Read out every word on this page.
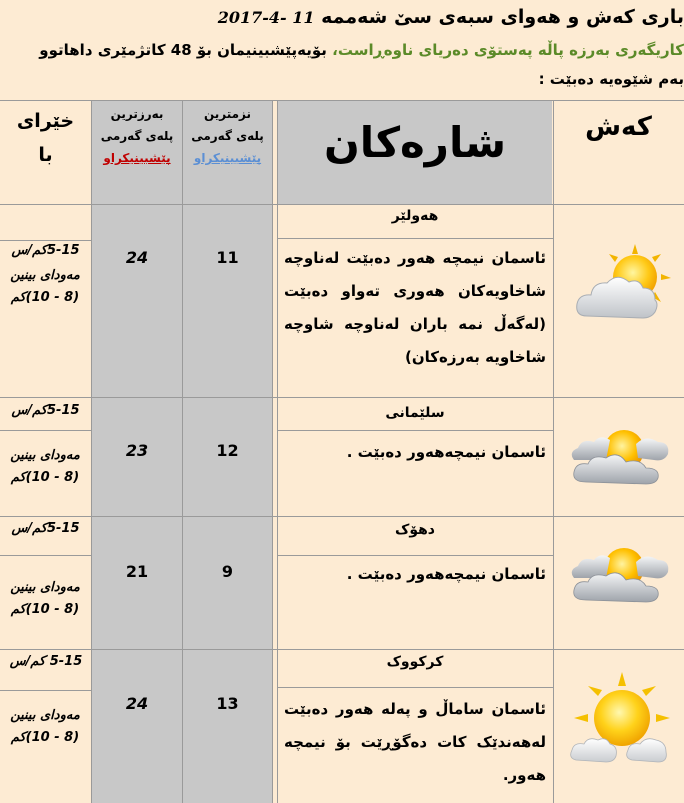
باری کەش و هەوای سبەی سێ شەممە 11 -4-2017
کاریگەری بەرزە پاڵە پەستۆی دەریای ناوەڕاست، بۆیەپێشبینیمان بۆ 48 کاتژمێری داهاتوو
بەم شێوەیە دەبێت :
کەش
شارەکان
نزمترین
پلەی گەرمی
پێشبینیکراو
بەرزترین
پلەی گەرمی
پێشبینیکراو
خێرای
با
هەولێر
ئاسمان نیمچە هەور دەبێت لەناوچە شاخاویەکان هەوری تەواو دەبێت (لەگەڵ نمە باران لەناوچە شاوچە شاخاویە بەرزەکان)
11
24
5-15کم/س
مەودای بینین (8 - 10)کم
سلێمانی
ئاسمان نیمچەهەور دەبێت .
12
23
5-15کم/س
مەودای بینین (8 - 10)کم
دهۆک
ئاسمان نیمچەهەور دەبێت .
9
21
5-15کم/س
مەودای بینین (8 - 10)کم
کرکووک
ئاسمان ساماڵ و پەلە هەور دەبێت لەهەندێک کات دەگۆڕێت بۆ نیمچە هەور.
13
24
5-15 کم/س
مەودای بینین (8 - 10)کم
